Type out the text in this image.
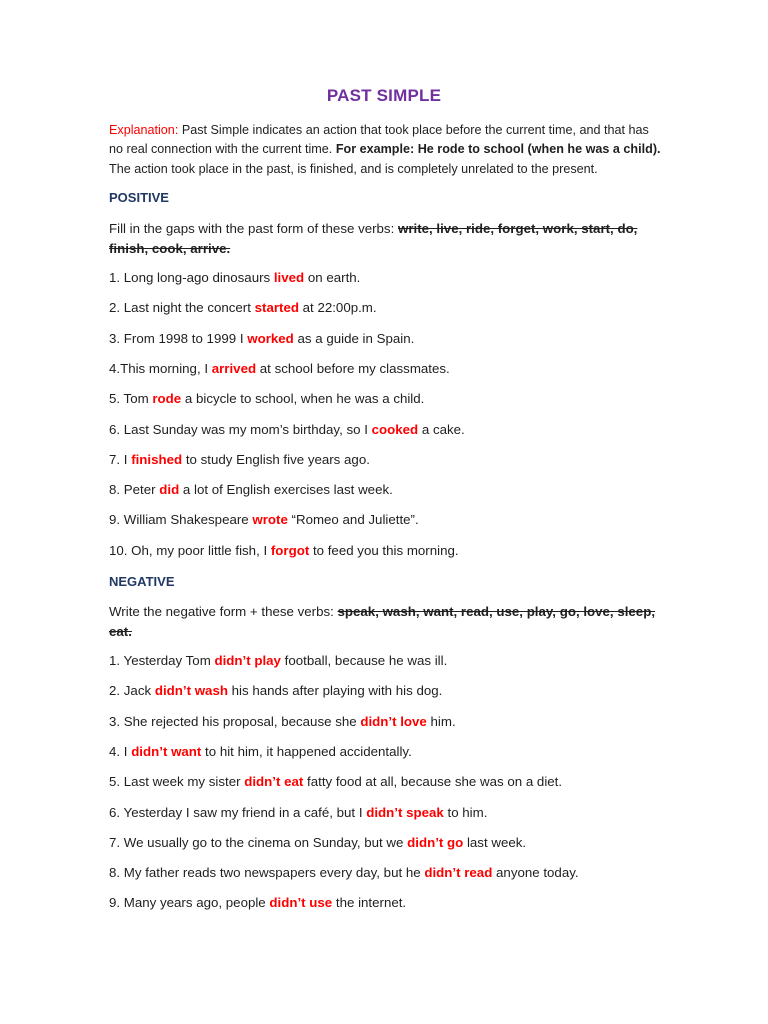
PAST SIMPLE

Explanation: Past Simple indicates an action that took place before the current time, and that has no real connection with the current time. For example: He rode to school (when he was a child). The action took place in the past, is finished, and is completely unrelated to the present.

POSITIVE

Fill in the gaps with the past form of these verbs: write, live, ride, forget, work, start, do, finish, cook, arrive.

1. Long long-ago dinosaurs lived on earth.

2. Last night the concert started at 22:00p.m.

3. From 1998 to 1999 I worked as a guide in Spain.

4.This morning, I arrived at school before my classmates.

5. Tom rode a bicycle to school, when he was a child.

6. Last Sunday was my mom’s birthday, so I cooked a cake.

7. I finished to study English five years ago.

8. Peter did a lot of English exercises last week.

9. William Shakespeare wrote “Romeo and Juliette”.

10. Oh, my poor little fish, I forgot to feed you this morning.

NEGATIVE

Write the negative form + these verbs: speak, wash, want, read, use, play, go, love, sleep, eat.

1. Yesterday Tom didn’t play football, because he was ill.

2. Jack didn’t wash his hands after playing with his dog.

3. She rejected his proposal, because she didn’t love him.

4. I didn’t want to hit him, it happened accidentally.

5. Last week my sister didn’t eat fatty food at all, because she was on a diet.

6. Yesterday I saw my friend in a café, but I didn’t speak to him.

7. We usually go to the cinema on Sunday, but we didn’t go last week.

8. My father reads two newspapers every day, but he didn’t read anyone today.

9. Many years ago, people didn’t use the internet.
